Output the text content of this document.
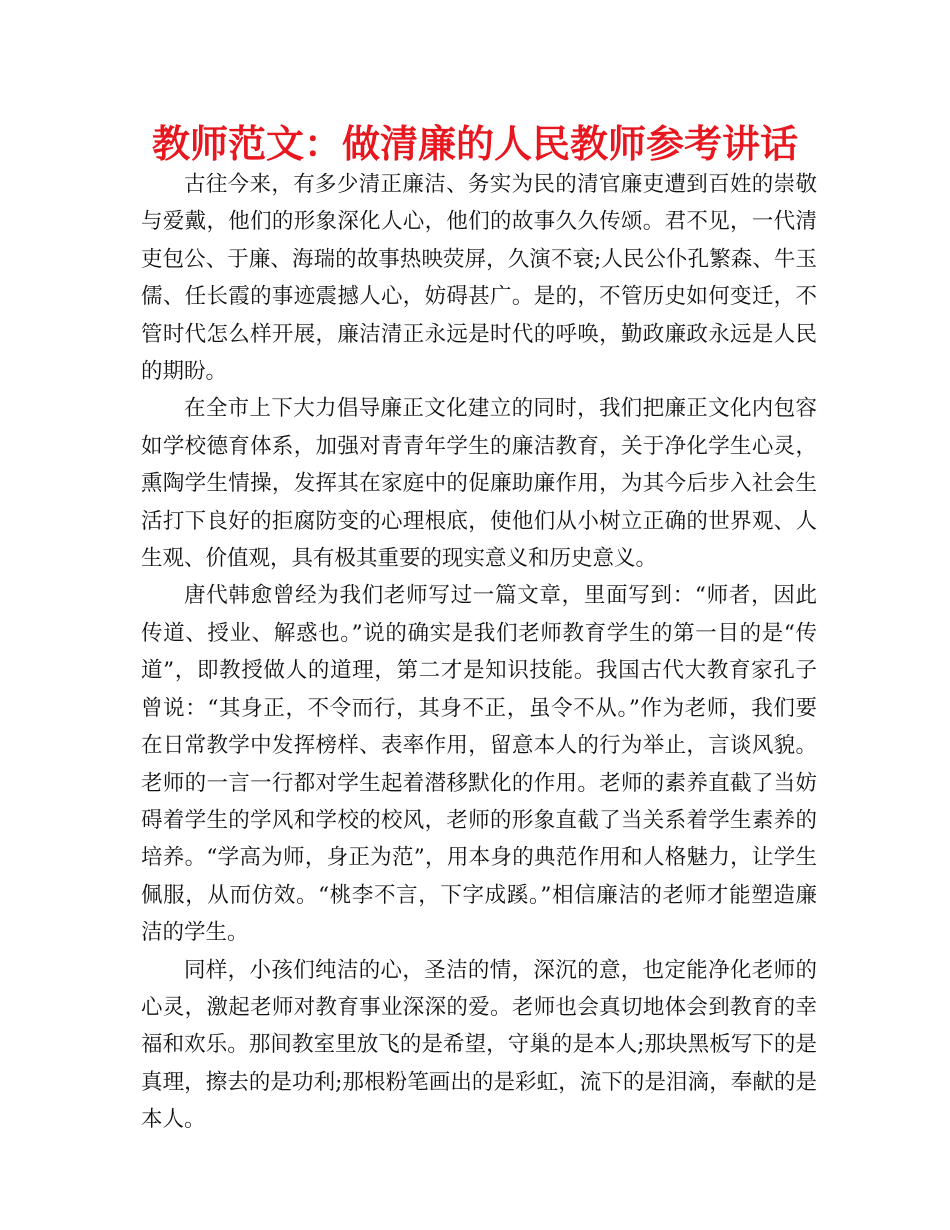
教师范文：做清廉的人民教师参考讲话

古往今来，有多少清正廉洁、务实为民的清官廉吏遭到百姓的崇敬与爱戴，他们的形象深化人心，他们的故事久久传颂。君不见，一代清吏包公、于廉、海瑞的故事热映荧屏，久演不衰;人民公仆孔繁森、牛玉儒、任长霞的事迹震撼人心，妨碍甚广。是的，不管历史如何变迁，不管时代怎么样开展，廉洁清正永远是时代的呼唤，勤政廉政永远是人民的期盼。

在全市上下大力倡导廉正文化建立的同时，我们把廉正文化内包容如学校德育体系，加强对青青年学生的廉洁教育，关于净化学生心灵，熏陶学生情操，发挥其在家庭中的促廉助廉作用，为其今后步入社会生活打下良好的拒腐防变的心理根底，使他们从小树立正确的世界观、人生观、价值观，具有极其重要的现实意义和历史意义。

唐代韩愈曾经为我们老师写过一篇文章，里面写到：“师者，因此传道、授业、解惑也。”说的确实是我们老师教育学生的第一目的是“传道”，即教授做人的道理，第二才是知识技能。我国古代大教育家孔子曾说：“其身正，不令而行，其身不正，虽令不从。”作为老师，我们要在日常教学中发挥榜样、表率作用，留意本人的行为举止，言谈风貌。老师的一言一行都对学生起着潜移默化的作用。老师的素养直截了当妨碍着学生的学风和学校的校风，老师的形象直截了当关系着学生素养的培养。“学高为师，身正为范”，用本身的典范作用和人格魅力，让学生佩服，从而仿效。“桃李不言，下字成蹊。”相信廉洁的老师才能塑造廉洁的学生。

同样，小孩们纯洁的心，圣洁的情，深沉的意，也定能净化老师的心灵，激起老师对教育事业深深的爱。老师也会真切地体会到教育的幸福和欢乐。那间教室里放飞的是希望，守巢的是本人;那块黑板写下的是真理，擦去的是功利;那根粉笔画出的是彩虹，流下的是泪滴，奉献的是本人。
